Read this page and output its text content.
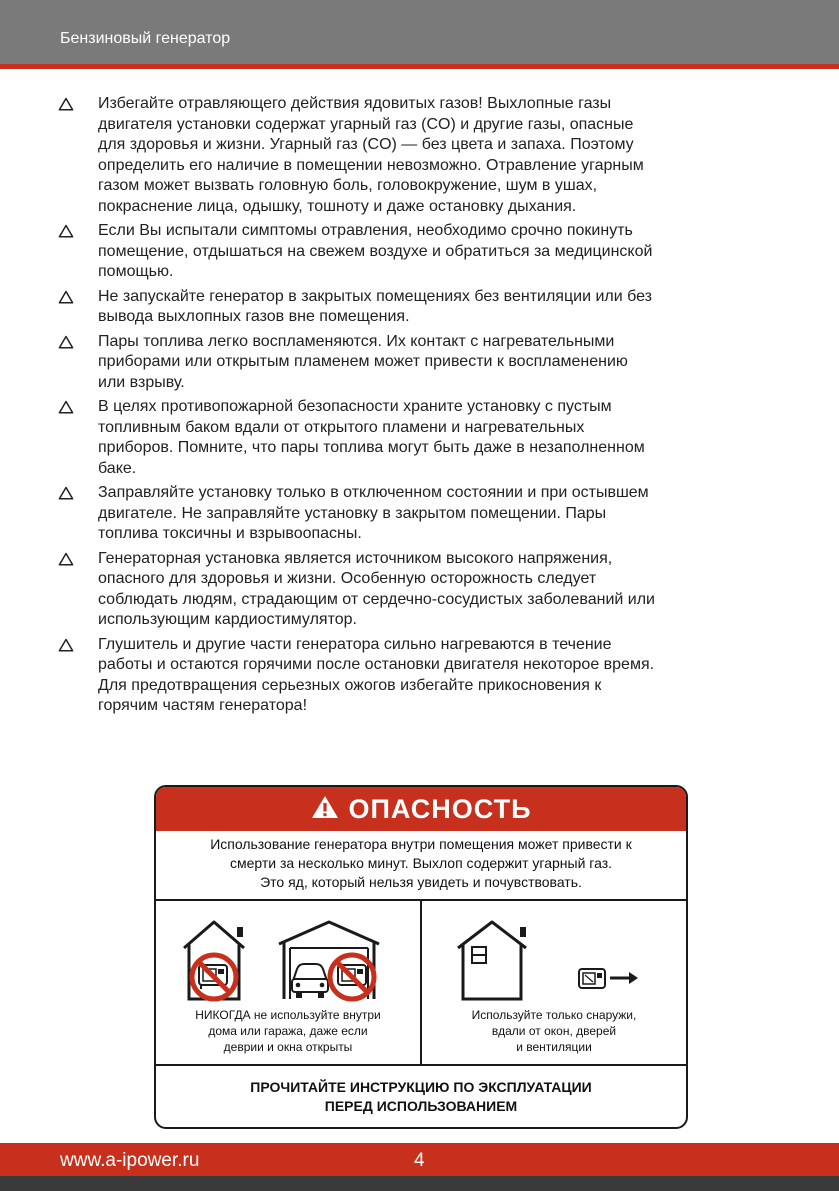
Бензиновый генератор
Избегайте отравляющего действия ядовитых газов! Выхлопные газы
двигателя установки содержат угарный газ (CO) и другие газы, опасные
для здоровья и жизни. Угарный газ (CO) — без цвета и запаха. Поэтому
определить его наличие в помещении невозможно. Отравление угарным
газом может вызвать головную боль, головокружение, шум в ушах,
покраснение лица, одышку, тошноту и даже остановку дыхания.
Если Вы испытали симптомы отравления, необходимо срочно покинуть
помещение, отдышаться на свежем воздухе и обратиться за медицинской
помощью.
Не запускайте генератор в закрытых помещениях без вентиляции или без
вывода выхлопных газов вне помещения.
Пары топлива легко воспламеняются. Их контакт с нагревательными
приборами или открытым пламенем может привести к воспламенению
или взрыву.
В целях противопожарной безопасности храните установку с пустым
топливным баком вдали от открытого пламени и нагревательных
приборов. Помните, что пары топлива могут быть даже в незаполненном
баке.
Заправляйте установку только в отключенном состоянии и при остывшем
двигателе. Не заправляйте установку в закрытом помещении. Пары
топлива токсичны и взрывоопасны.
Генераторная установка является источником высокого напряжения,
опасного для здоровья и жизни. Особенную осторожность следует
соблюдать людям, страдающим от сердечно-сосудистых заболеваний или
использующим кардиостимулятор.
Глушитель и другие части генератора сильно нагреваются в течение
работы и остаются горячими после остановки двигателя некоторое время.
Для предотвращения серьезных ожогов избегайте прикосновения к
горячим частям генератора!
ОПАСНОСТЬ
Использование генератора внутри помещения может привести к
смерти за несколько минут. Выхлоп содержит угарный газ.
Это яд, который нельзя увидеть и почувствовать.
НИКОГДА не используйте внутри
дома или гаража, даже если
деврии и окна открыты
Используйте только снаружи,
вдали от окон, дверей
и вентиляции
ПРОЧИТАЙТЕ ИНСТРУКЦИЮ ПО ЭКСПЛУАТАЦИИ
ПЕРЕД ИСПОЛЬЗОВАНИЕМ
www.a-ipower.ru	4
